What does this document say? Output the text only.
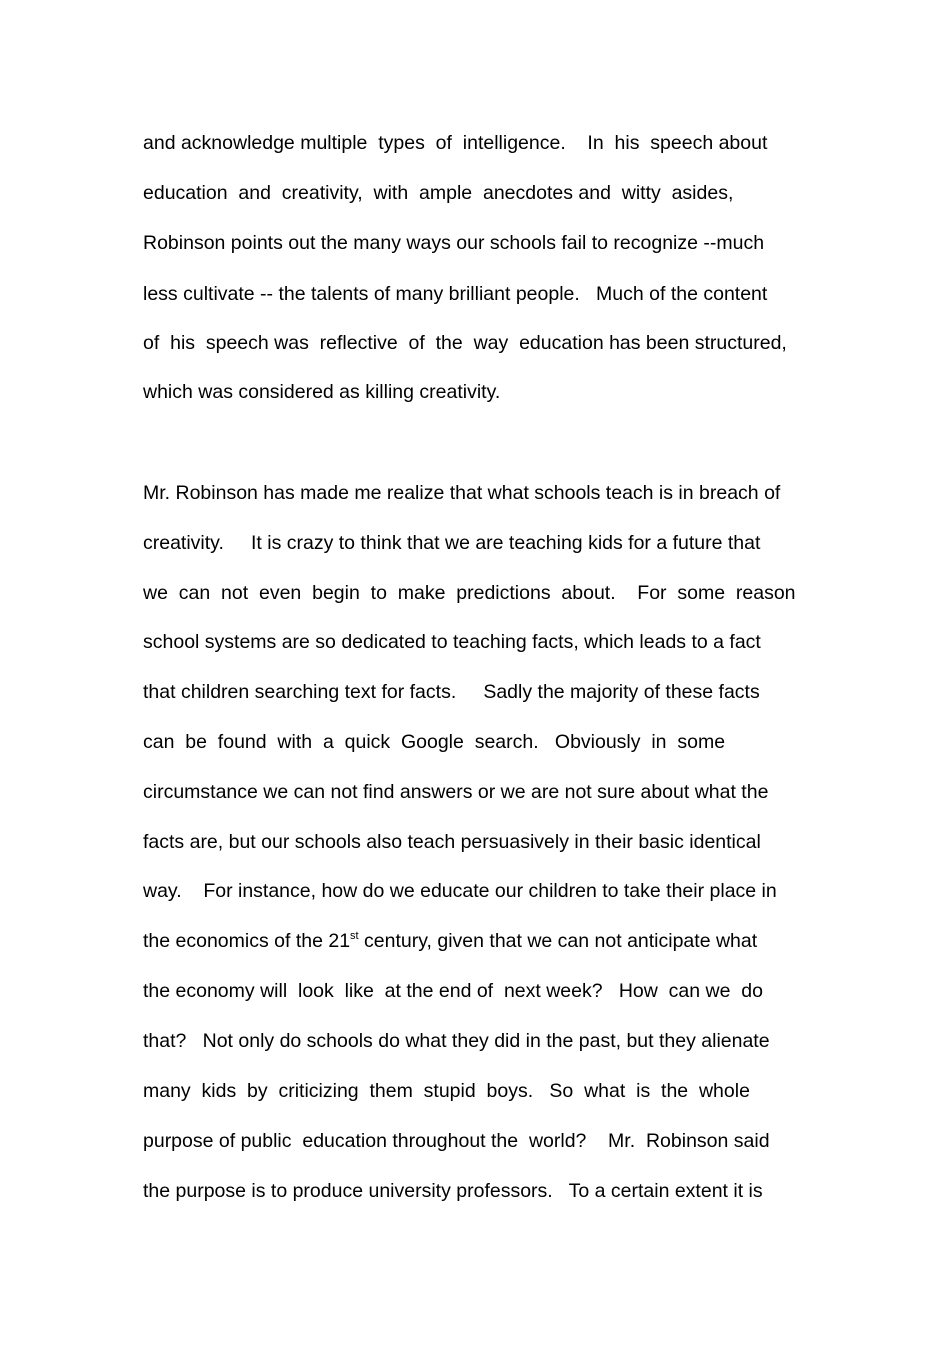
and acknowledge multiple  types  of  intelligence.    In  his  speech about
education  and  creativity,  with  ample  anecdotes and  witty  asides,
Robinson points out the many ways our schools fail to recognize --much
less cultivate -- the talents of many brilliant people.   Much of the content
of  his  speech was  reflective  of  the  way  education has been structured,
which was considered as killing creativity.
Mr. Robinson has made me realize that what schools teach is in breach of
creativity.     It is crazy to think that we are teaching kids for a future that
we  can  not  even  begin  to  make  predictions  about.    For  some  reason
school systems are so dedicated to teaching facts, which leads to a fact
that children searching text for facts.     Sadly the majority of these facts
can  be  found  with  a  quick  Google  search.   Obviously  in  some
circumstance we can not find answers or we are not sure about what the
facts are, but our schools also teach persuasively in their basic identical
way.    For instance, how do we educate our children to take their place in
the economics of the 21st century, given that we can not anticipate what
the economy will  look  like  at the end of  next week?   How  can we  do
that?   Not only do schools do what they did in the past, but they alienate
many  kids  by  criticizing  them  stupid  boys.   So  what  is  the  whole
purpose of public  education throughout the  world?    Mr.  Robinson said
the purpose is to produce university professors.   To a certain extent it is
